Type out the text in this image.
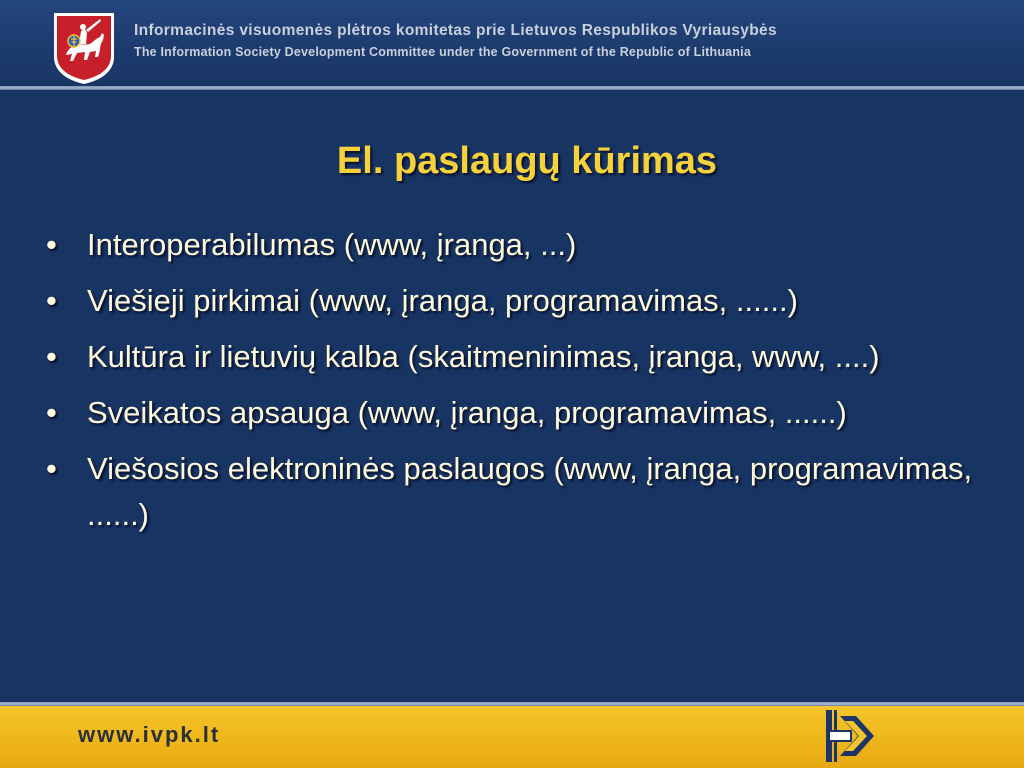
Informacinės visuomenės plėtros komitetas prie Lietuvos Respublikos Vyriausybės
The Information Society Development Committee under the Government of the Republic of Lithuania
El. paslaugų kūrimas
• Interoperabilumas (www, įranga, ...)
• Viešieji pirkimai (www, įranga, programavimas, ......)
• Kultūra ir lietuvių kalba (skaitmeninimas, įranga, www, ....)
• Sveikatos apsauga (www, įranga, programavimas, ......)
• Viešosios elektroninės paslaugos (www, įranga, programavimas, ......)
www.ivpk.lt
